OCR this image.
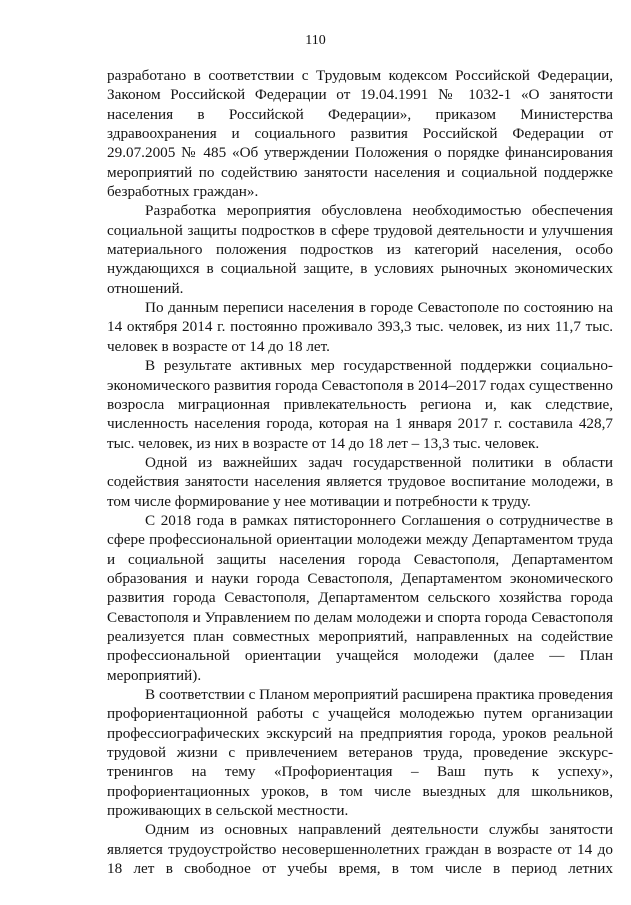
110

разработано в соответствии с Трудовым кодексом Российской Федерации, Законом Российской Федерации от 19.04.1991 № 1032-1 «О занятости населения в Российской Федерации», приказом Министерства здравоохранения и социального развития Российской Федерации от 29.07.2005 № 485 «Об утверждении Положения о порядке финансирования мероприятий по содействию занятости населения и социальной поддержке безработных граждан».

Разработка мероприятия обусловлена необходимостью обеспечения социальной защиты подростков в сфере трудовой деятельности и улучшения материального положения подростков из категорий населения, особо нуждающихся в социальной защите, в условиях рыночных экономических отношений.

По данным переписи населения в городе Севастополе по состоянию на 14 октября 2014 г. постоянно проживало 393,3 тыс. человек, из них 11,7 тыс. человек в возрасте от 14 до 18 лет.

В результате активных мер государственной поддержки социально-экономического развития города Севастополя в 2014–2017 годах существенно возросла миграционная привлекательность региона и, как следствие, численность населения города, которая на 1 января 2017 г. составила 428,7 тыс. человек, из них в возрасте от 14 до 18 лет – 13,3 тыс. человек.

Одной из важнейших задач государственной политики в области содействия занятости населения является трудовое воспитание молодежи, в том числе формирование у нее мотивации и потребности к труду.

С 2018 года в рамках пятистороннего Соглашения о сотрудничестве в сфере профессиональной ориентации молодежи между Департаментом труда и социальной защиты населения города Севастополя, Департаментом образования и науки города Севастополя, Департаментом экономического развития города Севастополя, Департаментом сельского хозяйства города Севастополя и Управлением по делам молодежи и спорта города Севастополя реализуется план совместных мероприятий, направленных на содействие профессиональной ориентации учащейся молодежи (далее — План мероприятий).

В соответствии с Планом мероприятий расширена практика проведения профориентационной работы с учащейся молодежью путем организации профессиографических экскурсий на предприятия города, уроков реальной трудовой жизни с привлечением ветеранов труда, проведение экскурс-тренингов на тему «Профориентация – Ваш путь к успеху», профориентационных уроков, в том числе выездных для школьников, проживающих в сельской местности.

Одним из основных направлений деятельности службы занятости является трудоустройство несовершеннолетних граждан в возрасте от 14 до 18 лет в свободное от учебы время, в том числе в период летних
